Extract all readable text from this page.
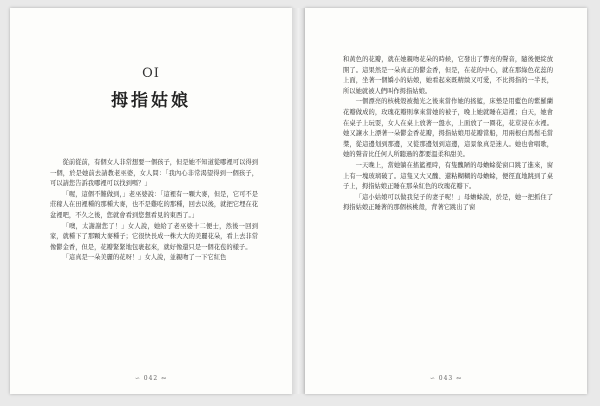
OI
拇指姑娘

從前從前，有個女人非常想要一個孩子，但是她不知道從哪裡可以得到一個，於是她前去請教老巫婆，女人問：「我內心非常渴望得到一個孩子，可以請您告訴我哪裡可以找到嗎？」

「喔，這個不難做到，」老巫婆說：「這裡有一顆大麥，但是，它可不是莊稼人在田裡種的那種大麥，也不是雞吃的那種，回去以後，就把它埋在花盆裡吧，不久之後，您就會看到您想看見的東西了。」

「噢，太謝謝您了！」女人說，她給了老巫婆十二便士，然後一回到家，就種下了那顆大麥種子；它很快長成一株大大的美麗花朵，看上去非常像鬱金香，但是，花瓣緊緊地包裹起來，就好像還只是一個花苞的樣子。

「這真是一朵美麗的花呀！」女人說，並親吻了一下它紅色

∽ 042 ∾

和黃色的花瓣，就在她親吻花朵的時候，它發出了響亮的聲音，隨後便綻放開了。這果然是一朵真正的鬱金香，但是，在花的中心，就在那綠色花蕊的上面，坐著一個嬌小的姑娘，她看起來既精緻又可愛，不比拇指的一半長，所以她就被人們叫作拇指姑娘。

一個漂亮的核桃殼被拋光之後來當作她的搖籃，床墊是用藍色的紫羅蘭花瓣做成的，玫瑰花瓣則拿來當她的被子，晚上她就睡在這裡；白天，她會在桌子上玩耍，女人在桌上放著一盤水，上面放了一圈花，花莖浸在水裡。她又讓水上漂著一朵鬱金香花瓣，拇指姑娘用花瓣當船，用兩根白馬鬃毛當槳，從這邊划到那邊，又從那邊划到這邊，這景象真是迷人。她也會唱歌，她的聲音比任何人所聽過的都要溫柔和甜美。

一天晚上，當她躺在搖籃裡時，有隻醜陋的母蟾蜍從窗口跳了進來，窗上有一塊玻璃破了。這隻又大又醜、還粘糊糊的母蟾蜍，便徑直地跳到了桌子上，拇指姑娘正睡在那朵紅色的玫瑰花瓣下。

「這小姑娘可以做我兒子的妻子呢！」母蟾蜍說，於是，她一把抓住了拇指姑娘正睡著的那個核桃殼，背著它跳出了窗

∽ 043 ∾
